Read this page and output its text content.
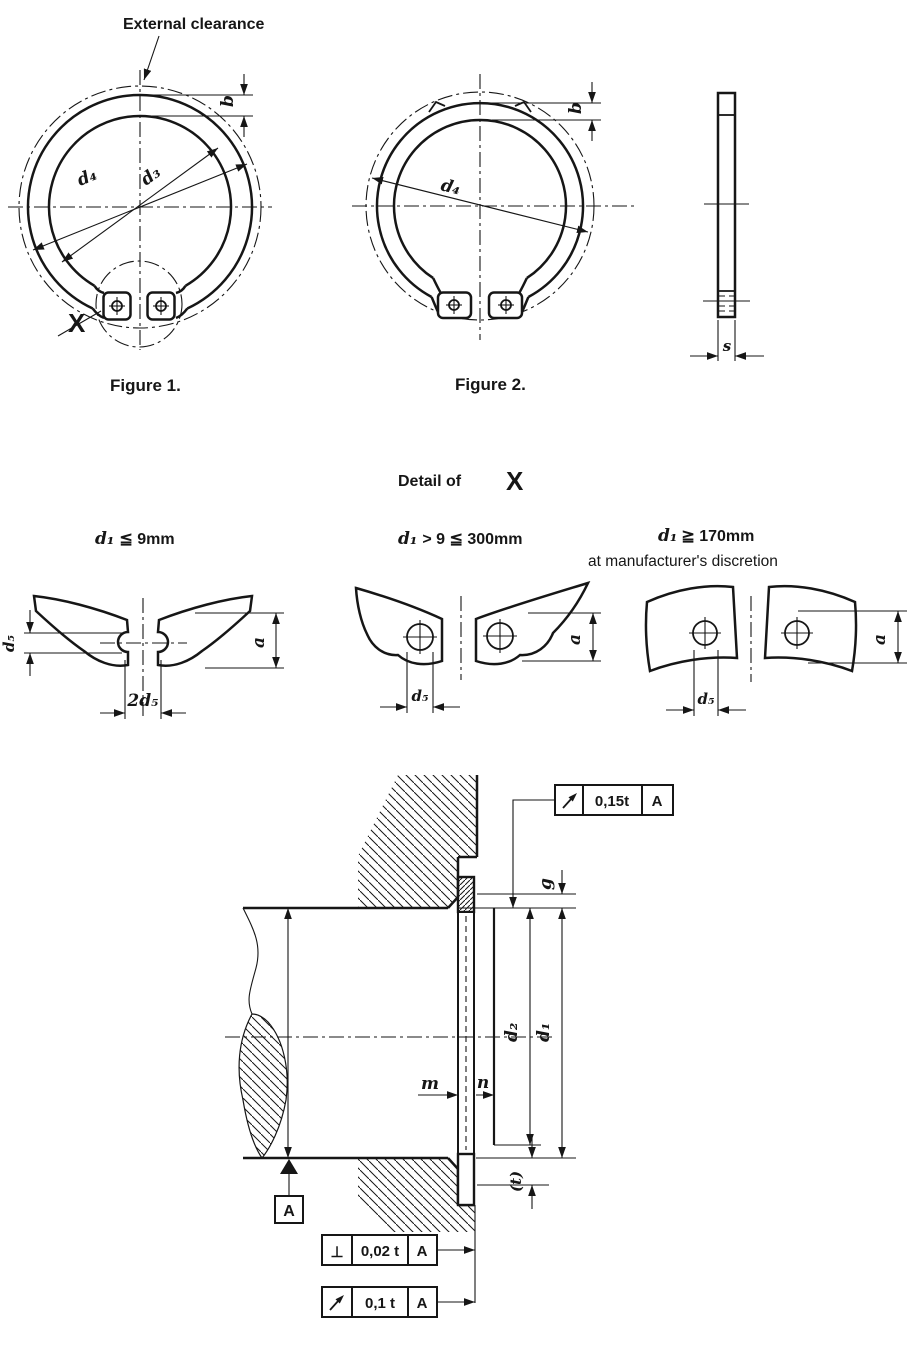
b
d₄ d₃
External clearance
X
Figure 1.
b
d₄
Figure 2.
s
Detail of X
d₁ ≦ 9mm	d₁ > 9 ≦ 300mm	d₁ ≧ 170mm
at manufacturer's discretion
d₅
2d₅
a
d₅
a
d₅
a
g
d₂ d₁
(t)
m n
A
0,15t A
⊥ 0,02 t A
0,1 t A
